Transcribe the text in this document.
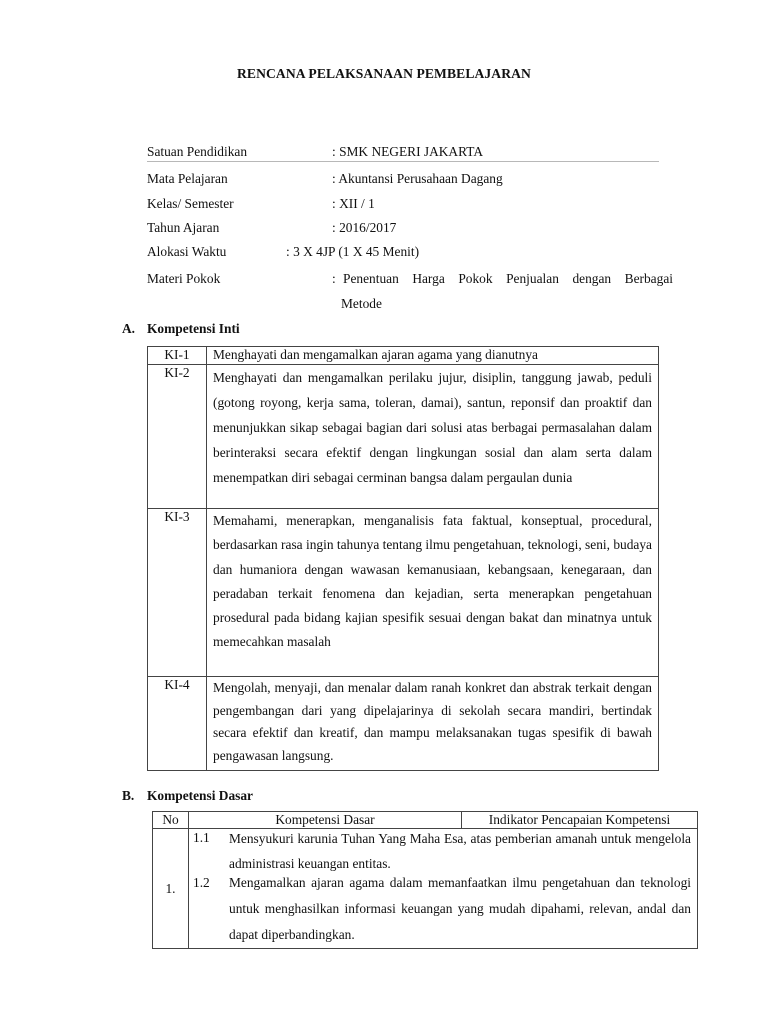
RENCANA PELAKSANAAN PEMBELAJARAN
Satuan Pendidikan	: SMK NEGERI JAKARTA
Mata Pelajaran	: Akuntansi Perusahaan Dagang
Kelas/ Semester	: XII / 1
Tahun Ajaran	: 2016/2017
Alokasi Waktu	: 3 X 4JP (1 X 45 Menit)
Materi Pokok	: Penentuan Harga Pokok Penjualan dengan Berbagai
Metode
A. Kompetensi Inti
KI-1	Menghayati dan mengamalkan ajaran agama yang dianutnya
KI-2	Menghayati dan mengamalkan perilaku jujur, disiplin, tanggung jawab, peduli (gotong royong, kerja sama, toleran, damai), santun, reponsif dan proaktif dan menunjukkan sikap sebagai bagian dari solusi atas berbagai permasalahan dalam berinteraksi secara efektif dengan lingkungan sosial dan alam serta dalam menempatkan diri sebagai cerminan bangsa dalam pergaulan dunia
KI-3	Memahami, menerapkan, menganalisis fata faktual, konseptual, procedural, berdasarkan rasa ingin tahunya tentang ilmu pengetahuan, teknologi, seni, budaya dan humaniora dengan wawasan kemanusiaan, kebangsaan, kenegaraan, dan peradaban terkait fenomena dan kejadian, serta menerapkan pengetahuan prosedural pada bidang kajian spesifik sesuai dengan bakat dan minatnya untuk memecahkan masalah
KI-4	Mengolah, menyaji, dan menalar dalam ranah konkret dan abstrak terkait dengan pengembangan dari yang dipelajarinya di sekolah secara mandiri, bertindak secara efektif dan kreatif, dan mampu melaksanakan tugas spesifik di bawah pengawasan langsung.
B. Kompetensi Dasar
No	Kompetensi Dasar	Indikator Pencapaian Kompetensi
1.	1.1 Mensyukuri karunia Tuhan Yang Maha Esa, atas pemberian amanah untuk mengelola administrasi keuangan entitas.
1.2 Mengamalkan ajaran agama dalam memanfaatkan ilmu pengetahuan dan teknologi untuk menghasilkan informasi keuangan yang mudah dipahami, relevan, andal dan dapat diperbandingkan.	
